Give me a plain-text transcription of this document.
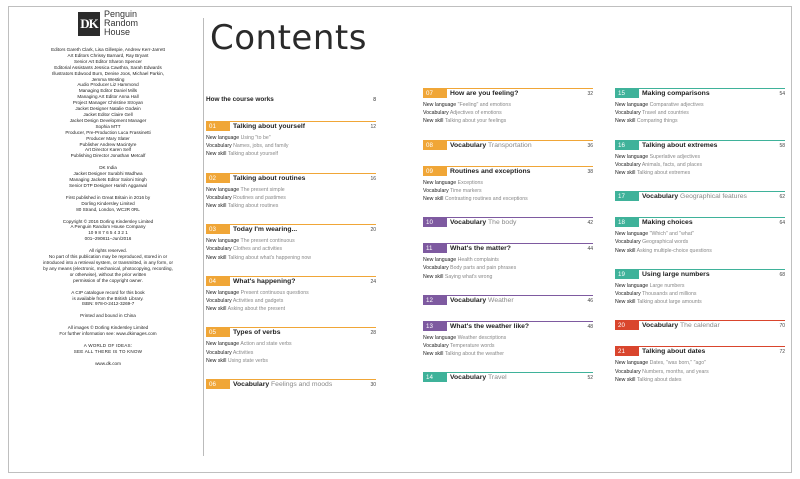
DK
Penguin
Random
House
Editors Gareth Clark, Lisa Gillespie, Andrew Kerr-Jarrett
Art Editors Chrissy Barnard, Ray Bryant
Senior Art Editor Sharon Spencer
Editorial Assistants Jessica Cawthra, Sarah Edwards
Illustrators Edwood Burn, Denise Joos, Michael Parkin,
Jemma Westing
Audio Producer Liz Hammond
Managing Editor Daniel Mills
Managing Art Editor Anna Hall
Project Manager Christine Stroyan
Jacket Designer Natalie Godwin
Jacket Editor Claire Gell
Jacket Design Development Manager
Sophia MTT
Producer, Pre-Production Luca Frassinetti
Producer Mary Slater
Publisher Andrew Macintyre
Art Director Karen Self
Publishing Director Jonathan Metcalf
DK India
Jacket Designer Surabhi Wadhwa
Managing Jackets Editor Saloni Singh
Senior DTP Designer Harish Aggarwal
First published in Great Britain in 2016 by
Dorling Kindersley Limited
80 Strand, London, WC2R 0RL
Copyright © 2016 Dorling Kindersley Limited
A Penguin Random House Company
10 9 8 7 6 5 4 3 2 1
001–290811–Jun/2016
All rights reserved.
No part of this publication may be reproduced, stored in or
introduced into a retrieval system, or transmitted, in any form, or
by any means (electronic, mechanical, photocopying, recording,
or otherwise), without the prior written
permission of the copyright owner.
A CIP catalogue record for this book
is available from the British Library.
ISBN: 978-0-2412-3269-7
Printed and bound in China
All images © Dorling Kindersley Limited
For further information see: www.dkimages.com
A WORLD OF IDEAS:
SEE ALL THERE IS TO KNOW
www.dk.com
Contents
How the course works	8
01	Talking about yourself	12
New language Using "to be"
Vocabulary Names, jobs, and family
New skill Talking about yourself
02	Talking about routines	16
New language The present simple
Vocabulary Routines and pastimes
New skill Talking about routines
03	Today I'm wearing...	20
New language The present continuous
Vocabulary Clothes and activities
New skill Talking about what's happening now
04	What's happening?	24
New language Present continuous questions
Vocabulary Activities and gadgets
New skill Asking about the present
05	Types of verbs	28
New language Action and state verbs
Vocabulary Activities
New skill Using state verbs
06	Vocabulary Feelings and moods	30
07	How are you feeling?	32
New language "Feeling" and emotions
Vocabulary Adjectives of emotions
New skill Talking about your feelings
08	Vocabulary Transportation	36
09	Routines and exceptions	38
New language Exceptions
Vocabulary Time markers
New skill Contrasting routines and exceptions
10	Vocabulary The body	42
11	What's the matter?	44
New language Health complaints
Vocabulary Body parts and pain phrases
New skill Saying what's wrong
12	Vocabulary Weather	46
13	What's the weather like?	48
New language Weather descriptions
Vocabulary Temperature words
New skill Talking about the weather
14	Vocabulary Travel	52
15	Making comparisons	54
New language Comparative adjectives
Vocabulary Travel and countries
New skill Comparing things
16	Talking about extremes	58
New language Superlative adjectives
Vocabulary Animals, facts, and places
New skill Talking about extremes
17	Vocabulary Geographical features	62
18	Making choices	64
New language "Which" and "what"
Vocabulary Geographical words
New skill Asking multiple-choice questions
19	Using large numbers	68
New language Large numbers
Vocabulary Thousands and millions
New skill Talking about large amounts
20	Vocabulary The calendar	70
21	Talking about dates	72
New language Dates, "was born," "ago"
Vocabulary Numbers, months, and years
New skill Talking about dates
